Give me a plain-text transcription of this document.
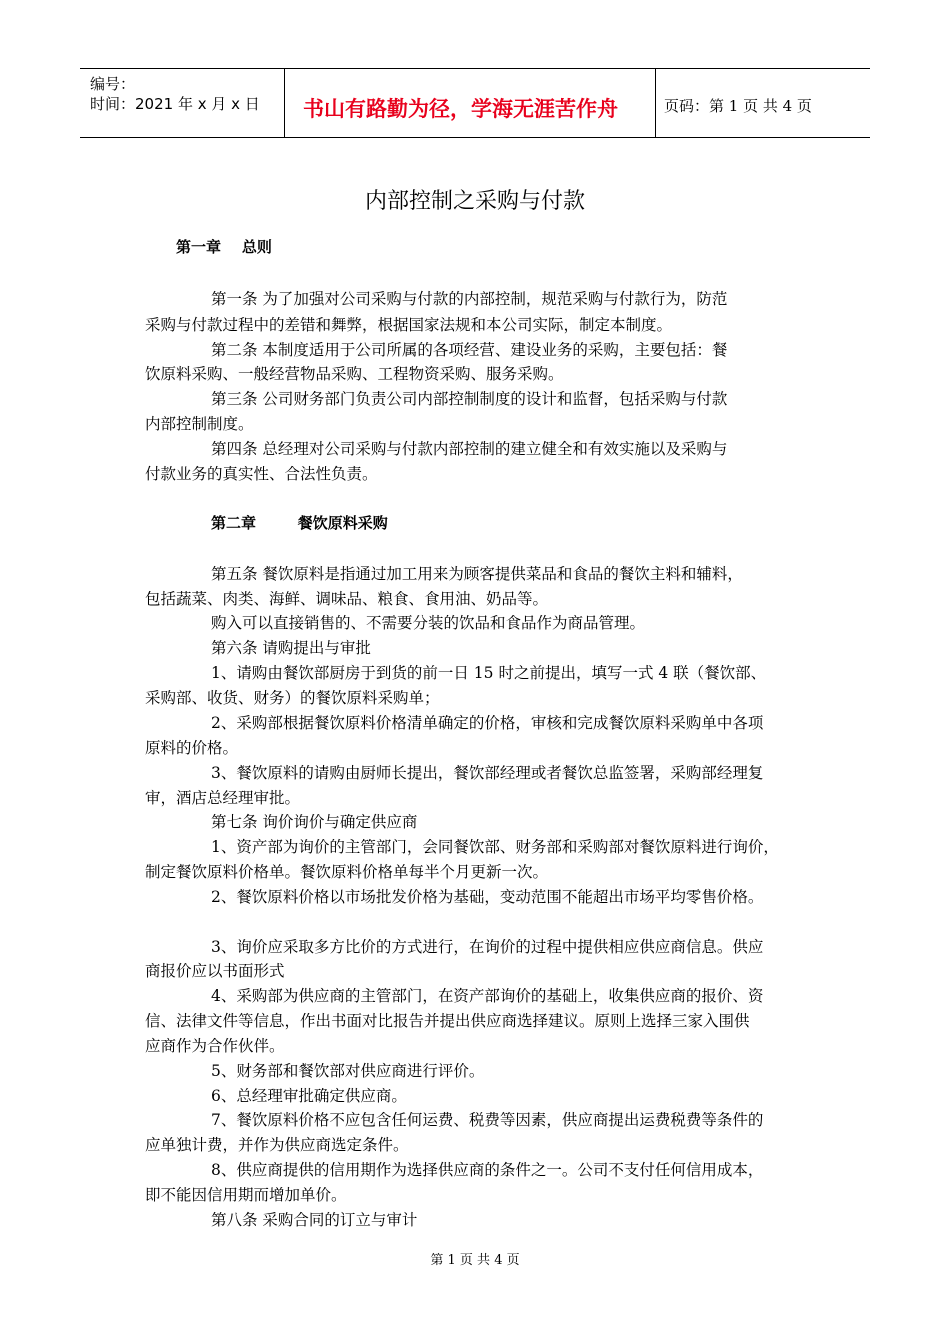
编号：
时间：2021 年 x 月 x 日 书山有路勤为径，学海无涯苦作舟	页码：第 1 页 共 4 页
内部控制之采购与付款
第一章    总则
第一条 为了加强对公司采购与付款的内部控制，规范采购与付款行为，防范
采购与付款过程中的差错和舞弊，根据国家法规和本公司实际，制定本制度。
第二条 本制度适用于公司所属的各项经营、建设业务的采购，主要包括：餐
饮原料采购、一般经营物品采购、工程物资采购、服务采购。
第三条 公司财务部门负责公司内部控制制度的设计和监督，包括采购与付款
内部控制制度。
第四条 总经理对公司采购与付款内部控制的建立健全和有效实施以及采购与
付款业务的真实性、合法性负责。
第二章        餐饮原料采购
第五条 餐饮原料是指通过加工用来为顾客提供菜品和食品的餐饮主料和辅料，
包括蔬菜、肉类、海鲜、调味品、粮食、食用油、奶品等。
购入可以直接销售的、不需要分装的饮品和食品作为商品管理。
第六条 请购提出与审批
1、请购由餐饮部厨房于到货的前一日 15 时之前提出，填写一式 4 联（餐饮部、
采购部、收货、财务）的餐饮原料采购单；
2、采购部根据餐饮原料价格清单确定的价格，审核和完成餐饮原料采购单中各项
原料的价格。
3、餐饮原料的请购由厨师长提出，餐饮部经理或者餐饮总监签署，采购部经理复
审，酒店总经理审批。
第七条 询价询价与确定供应商
1、资产部为询价的主管部门，会同餐饮部、财务部和采购部对餐饮原料进行询价，
制定餐饮原料价格单。餐饮原料价格单每半个月更新一次。
2、餐饮原料价格以市场批发价格为基础，变动范围不能超出市场平均零售价格。
3、询价应采取多方比价的方式进行，在询价的过程中提供相应供应商信息。供应
商报价应以书面形式
4、采购部为供应商的主管部门，在资产部询价的基础上，收集供应商的报价、资
信、法律文件等信息，作出书面对比报告并提出供应商选择建议。原则上选择三家入围供
应商作为合作伙伴。
5、财务部和餐饮部对供应商进行评价。
6、总经理审批确定供应商。
7、餐饮原料价格不应包含任何运费、税费等因素，供应商提出运费税费等条件的
应单独计费，并作为供应商选定条件。
8、供应商提供的信用期作为选择供应商的条件之一。公司不支付任何信用成本，
即不能因信用期而增加单价。
第八条 采购合同的订立与审计
第 1 页 共 4 页
